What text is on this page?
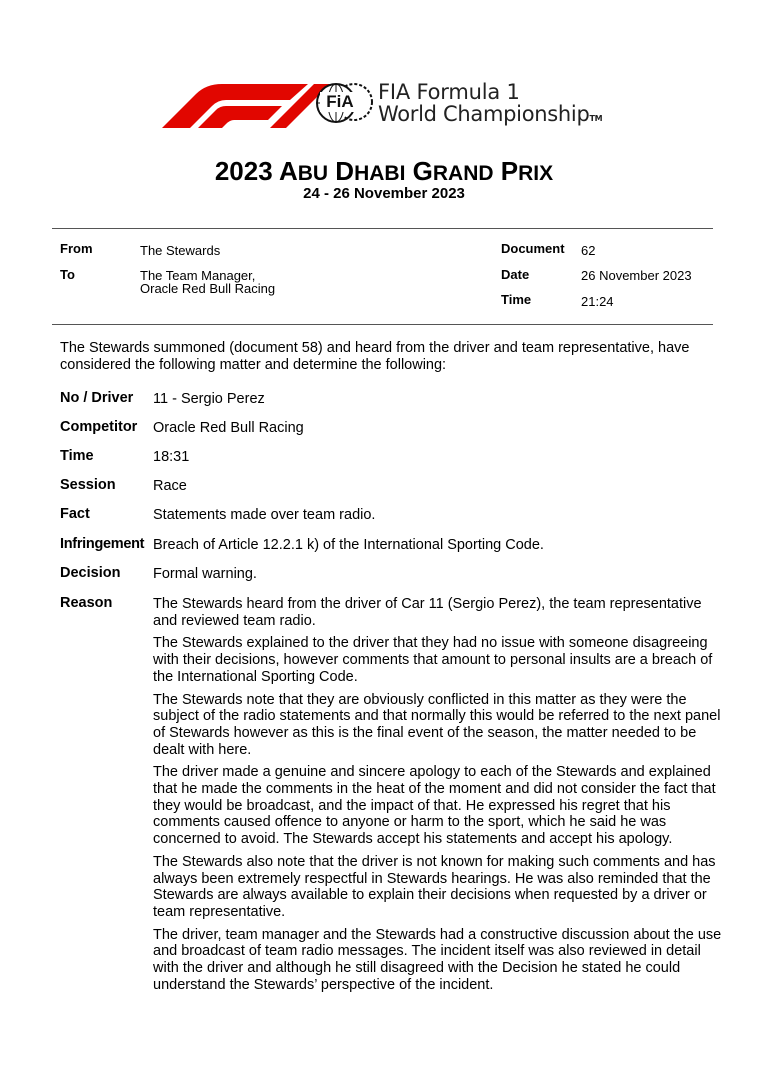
FiA	FIA Formula 1
World ChampionshipTM
2023 ABU DHABI GRAND PRIX
24 - 26 November 2023
From	The Stewards
To	The Team Manager,
Oracle Red Bull Racing
Document 62
Date	26 November 2023
Time	21:24
The Stewards summoned (document 58) and heard from the driver and team representative, have considered the following matter and determine the following:
No / Driver 11 - Sergio Perez
Competitor Oracle Red Bull Racing
Time	18:31
Session	Race
Fact	Statements made over team radio.
Infringement Breach of Article 12.2.1 k) of the International Sporting Code.
Decision Formal warning.
Reason	The Stewards heard from the driver of Car 11 (Sergio Perez), the team representative and reviewed team radio.

The Stewards explained to the driver that they had no issue with someone disagreeing with their decisions, however comments that amount to personal insults are a breach of the International Sporting Code.

The Stewards note that they are obviously conflicted in this matter as they were the subject of the radio statements and that normally this would be referred to the next panel of Stewards however as this is the final event of the season, the matter needed to be dealt with here.

The driver made a genuine and sincere apology to each of the Stewards and explained that he made the comments in the heat of the moment and did not consider the fact that they would be broadcast, and the impact of that. He expressed his regret that his comments caused offence to anyone or harm to the sport, which he said he was concerned to avoid. The Stewards accept his statements and accept his apology.

The Stewards also note that the driver is not known for making such comments and has always been extremely respectful in Stewards hearings. He was also reminded that the Stewards are always available to explain their decisions when requested by a driver or team representative.

The driver, team manager and the Stewards had a constructive discussion about the use and broadcast of team radio messages. The incident itself was also reviewed in detail with the driver and although he still disagreed with the Decision he stated he could understand the Stewards’ perspective of the incident.
